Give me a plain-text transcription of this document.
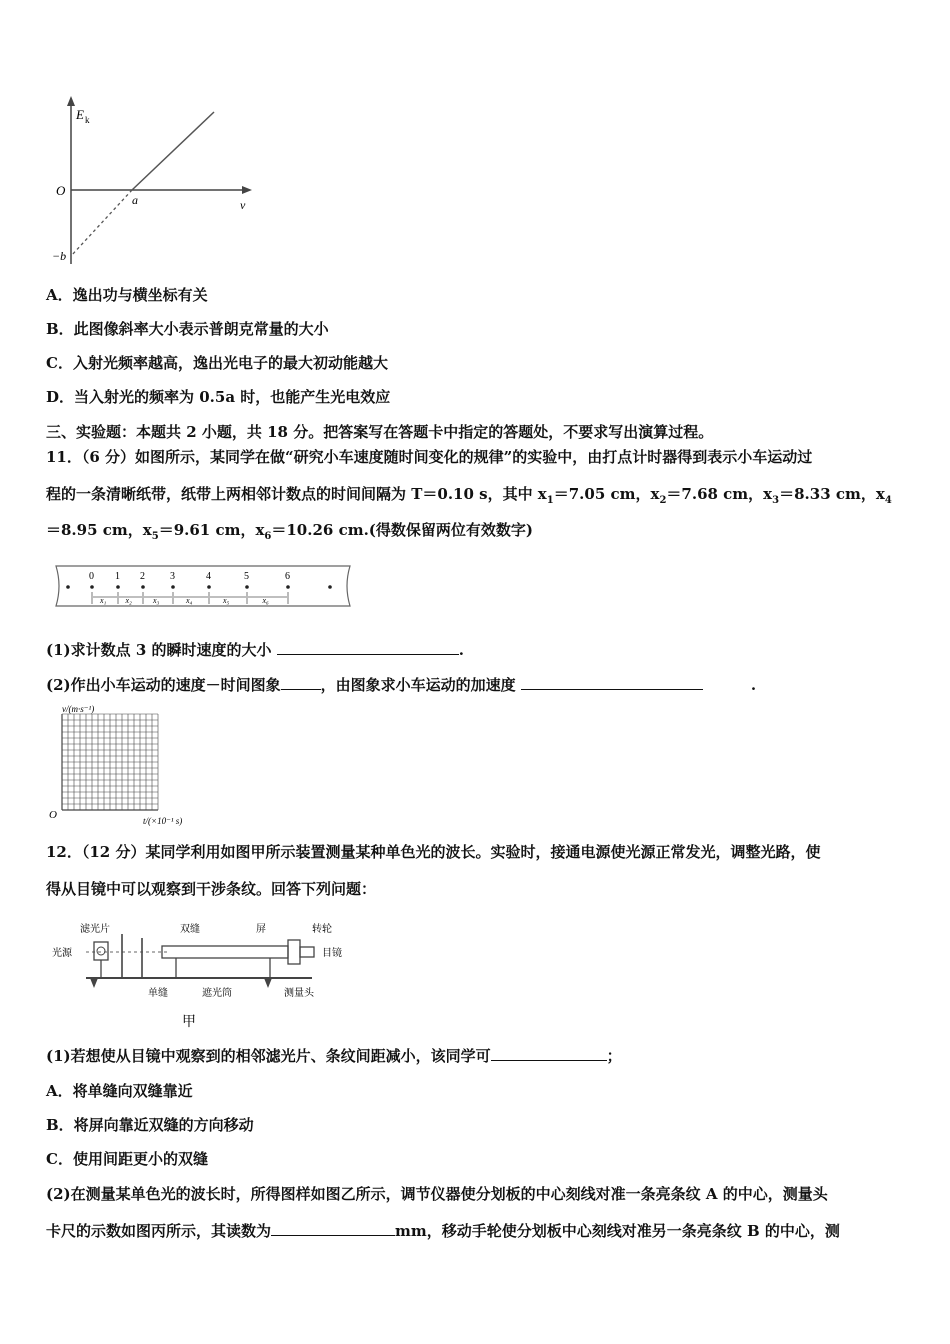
E k
O
ν
a
−b
A．逸出功与横坐标有关
B．此图像斜率大小表示普朗克常量的大小
C．入射光频率越高，逸出光电子的最大初动能越大
D．当入射光的频率为 0.5a 时，也能产生光电效应
三、实验题：本题共 2 小题，共 18 分。把答案写在答题卡中指定的答题处，不要求写出演算过程。
11．（6 分）如图所示，某同学在做“研究小车速度随时间变化的规律”的实验中，由打点计时器得到表示小车运动过
程的一条清晰纸带，纸带上两相邻计数点的时间间隔为 T＝0.10 s，其中 $x_1=7.05$ cm，$x_2=7.68$ cm，$x_3=8.33$ cm，$x_4$
＝8.95 cm，$x_5=9.61$ cm，$x_6=10.26$ cm.(得数保留两位有效数字)
0 1 2	3	4	5	6
x₁ x₂	x₃	x₄	x₅	x₆
(1)求计数点 3 的瞬时速度的大小	.
(2)作出小车运动的速度－时间图象	，由图象求小车运动的加速度	.
v/(m·s⁻¹)
O	t/(×10⁻¹ s)
12．（12 分）某同学利用如图甲所示装置测量某种单色光的波长。实验时，接通电源使光源正常发光，调整光路，使
得从目镜中可以观察到干涉条纹。回答下列问题：
滤光片	双缝	屏	转轮
光源	目镜
单缝	遮光筒	测量头
甲
(1)若想使从目镜中观察到的相邻滤光片、条纹间距减小，该同学可	；
A．将单缝向双缝靠近
B．将屏向靠近双缝的方向移动
C．使用间距更小的双缝
(2)在测量某单色光的波长时，所得图样如图乙所示，调节仪器使分划板的中心刻线对准一条亮条纹 A 的中心，测量头
卡尺的示数如图丙所示，其读数为	mm，移动手轮使分划板中心刻线对准另一条亮条纹 B 的中心，测
